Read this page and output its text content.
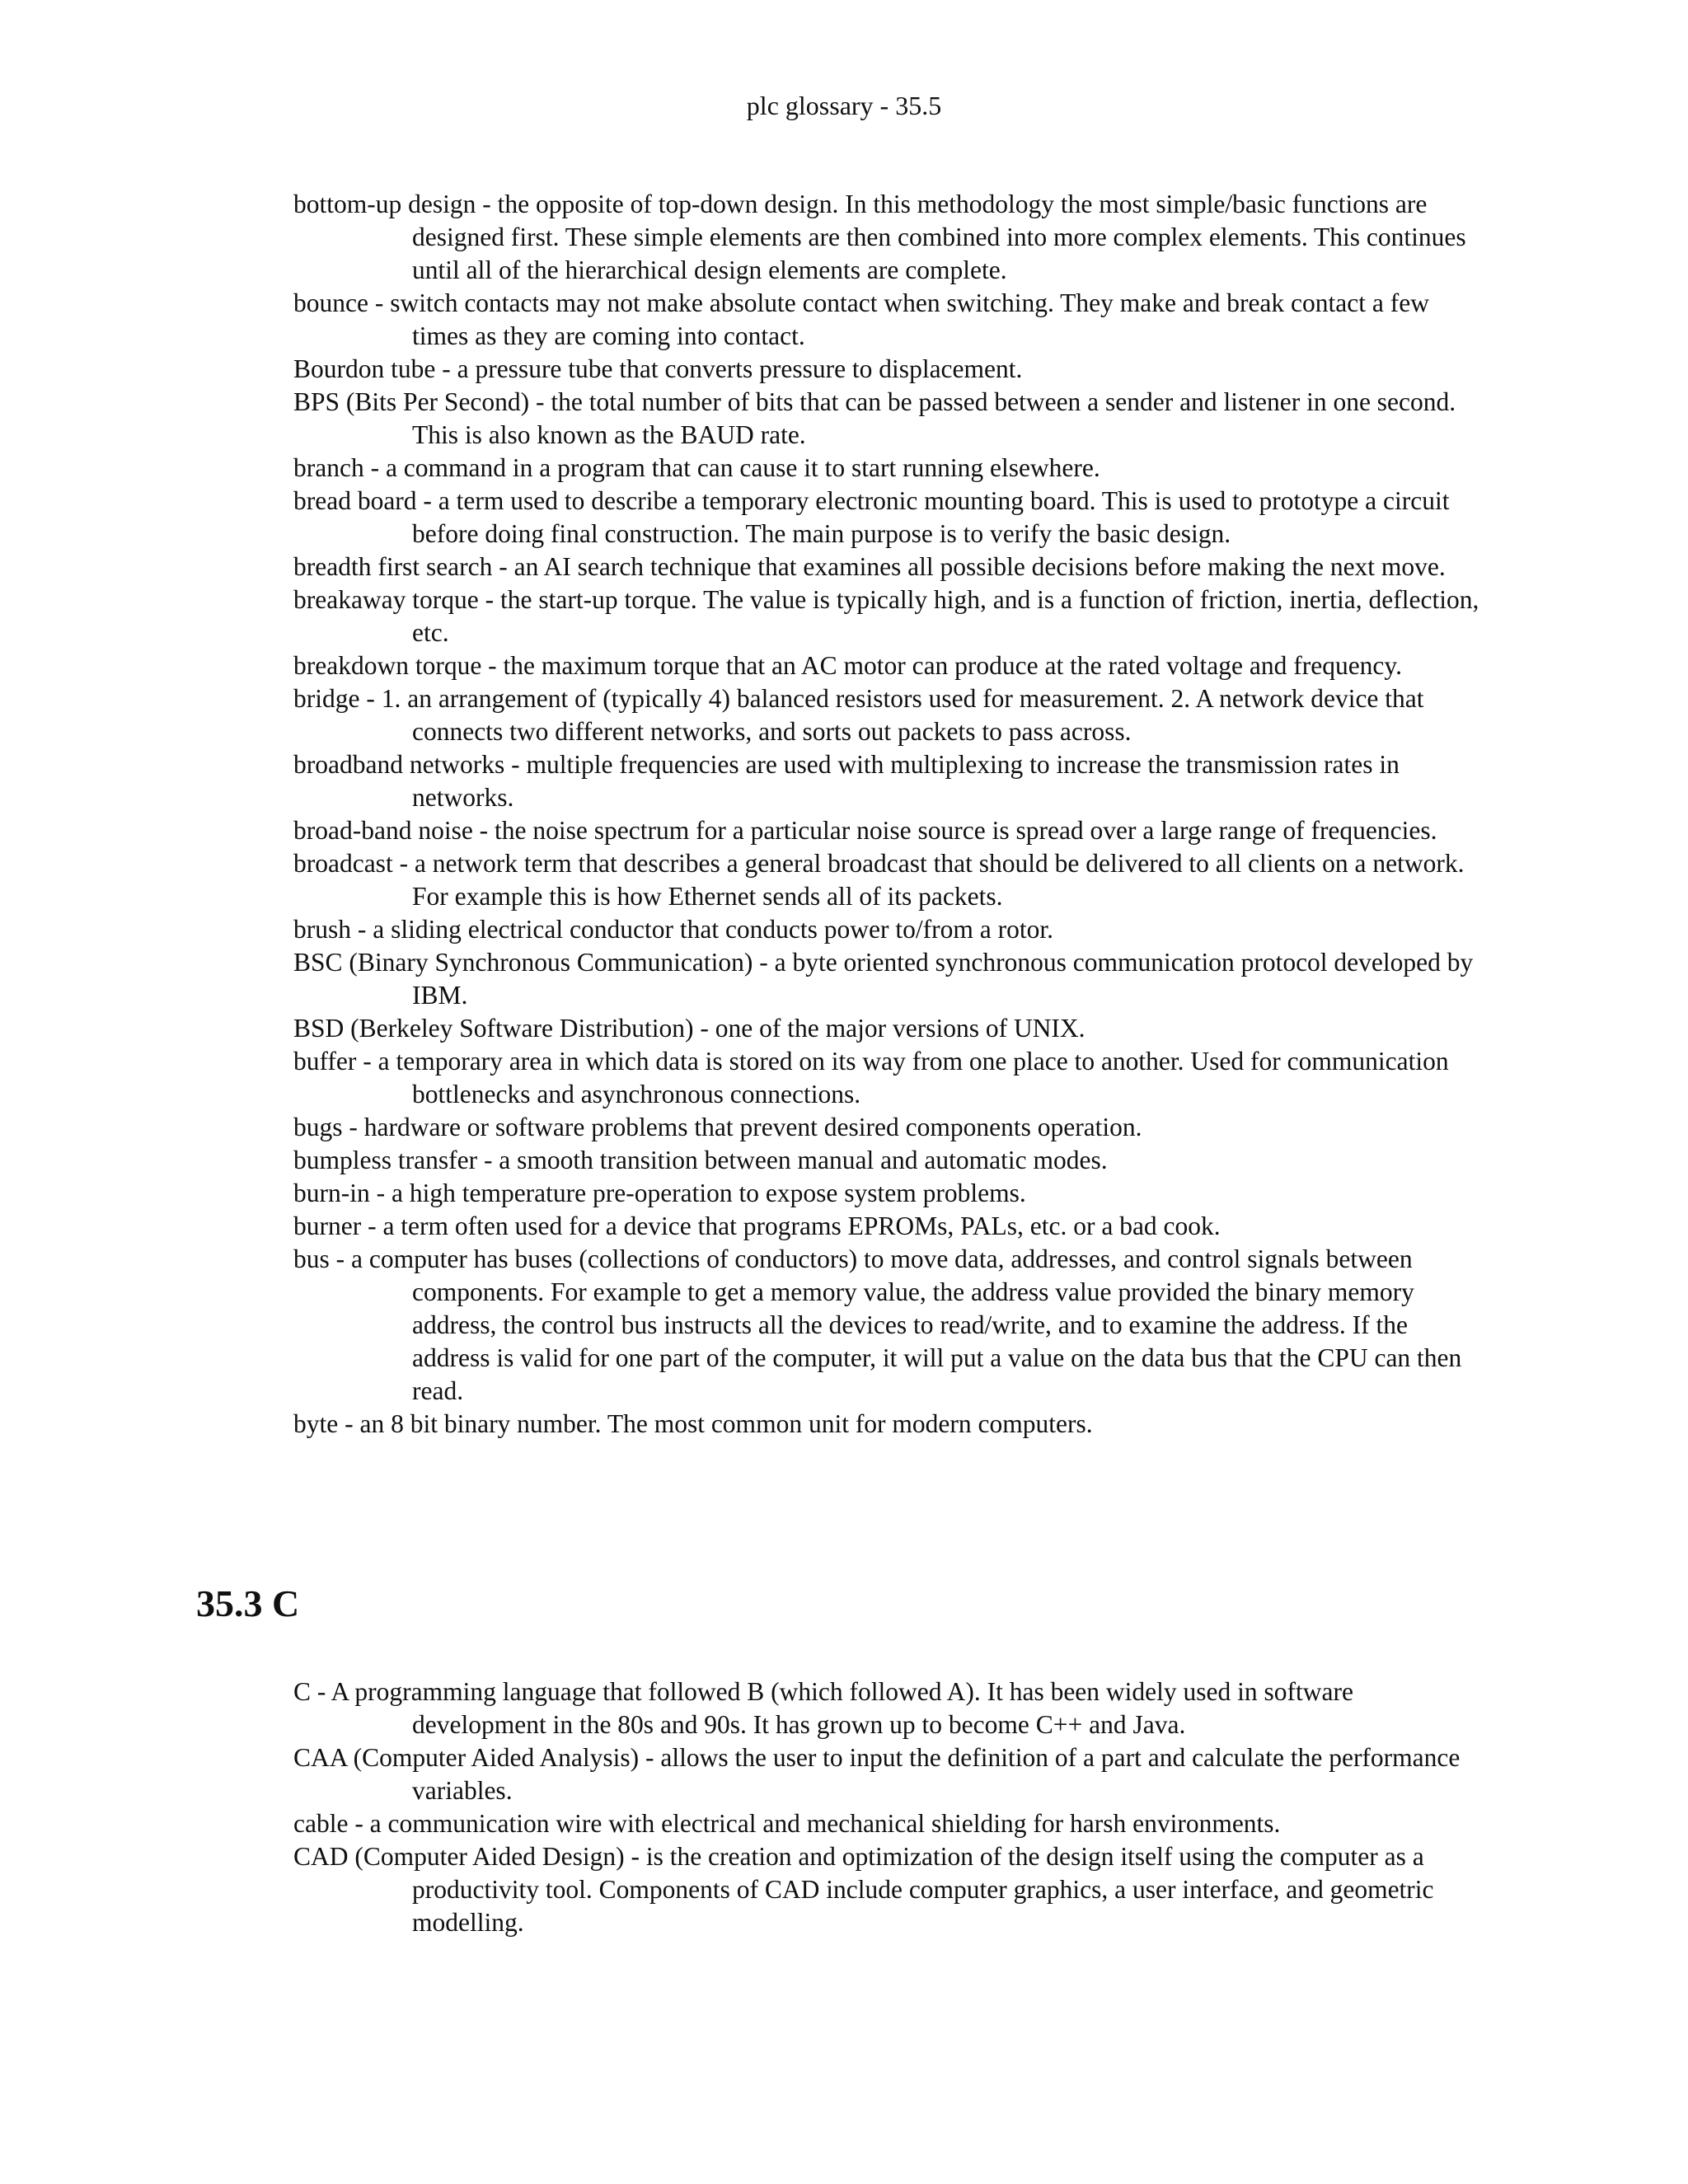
plc glossary - 35.5
bottom-up design - the opposite of top-down design. In this methodology the most simple/basic functions are designed first. These simple elements are then combined into more complex elements. This continues until all of the hierarchical design elements are complete.
bounce - switch contacts may not make absolute contact when switching. They make and break contact a few times as they are coming into contact.
Bourdon tube - a pressure tube that converts pressure to displacement.
BPS (Bits Per Second) - the total number of bits that can be passed between a sender and listener in one second. This is also known as the BAUD rate.
branch - a command in a program that can cause it to start running elsewhere.
bread board - a term used to describe a temporary electronic mounting board. This is used to prototype a circuit before doing final construction. The main purpose is to verify the basic design.
breadth first search - an AI search technique that examines all possible decisions before making the next move.
breakaway torque - the start-up torque. The value is typically high, and is a function of friction, inertia, deflection, etc.
breakdown torque - the maximum torque that an AC motor can produce at the rated voltage and frequency.
bridge - 1. an arrangement of (typically 4) balanced resistors used for measurement. 2. A network device that connects two different networks, and sorts out packets to pass across.
broadband networks - multiple frequencies are used with multiplexing to increase the transmission rates in networks.
broad-band noise - the noise spectrum for a particular noise source is spread over a large range of frequencies.
broadcast - a network term that describes a general broadcast that should be delivered to all clients on a network. For example this is how Ethernet sends all of its packets.
brush - a sliding electrical conductor that conducts power to/from a rotor.
BSC (Binary Synchronous Communication) - a byte oriented synchronous communication protocol developed by IBM.
BSD (Berkeley Software Distribution) - one of the major versions of UNIX.
buffer - a temporary area in which data is stored on its way from one place to another. Used for communication bottlenecks and asynchronous connections.
bugs - hardware or software problems that prevent desired components operation.
bumpless transfer - a smooth transition between manual and automatic modes.
burn-in - a high temperature pre-operation to expose system problems.
burner - a term often used for a device that programs EPROMs, PALs, etc. or a bad cook.
bus - a computer has buses (collections of conductors) to move data, addresses, and control signals between components. For example to get a memory value, the address value provided the binary memory address, the control bus instructs all the devices to read/write, and to examine the address. If the address is valid for one part of the computer, it will put a value on the data bus that the CPU can then read.
byte - an 8 bit binary number. The most common unit for modern computers.
35.3 C
C - A programming language that followed B (which followed A). It has been widely used in software development in the 80s and 90s. It has grown up to become C++ and Java.
CAA (Computer Aided Analysis) - allows the user to input the definition of a part and calculate the performance variables.
cable - a communication wire with electrical and mechanical shielding for harsh environments.
CAD (Computer Aided Design) - is the creation and optimization of the design itself using the computer as a productivity tool. Components of CAD include computer graphics, a user interface, and geometric modelling.
